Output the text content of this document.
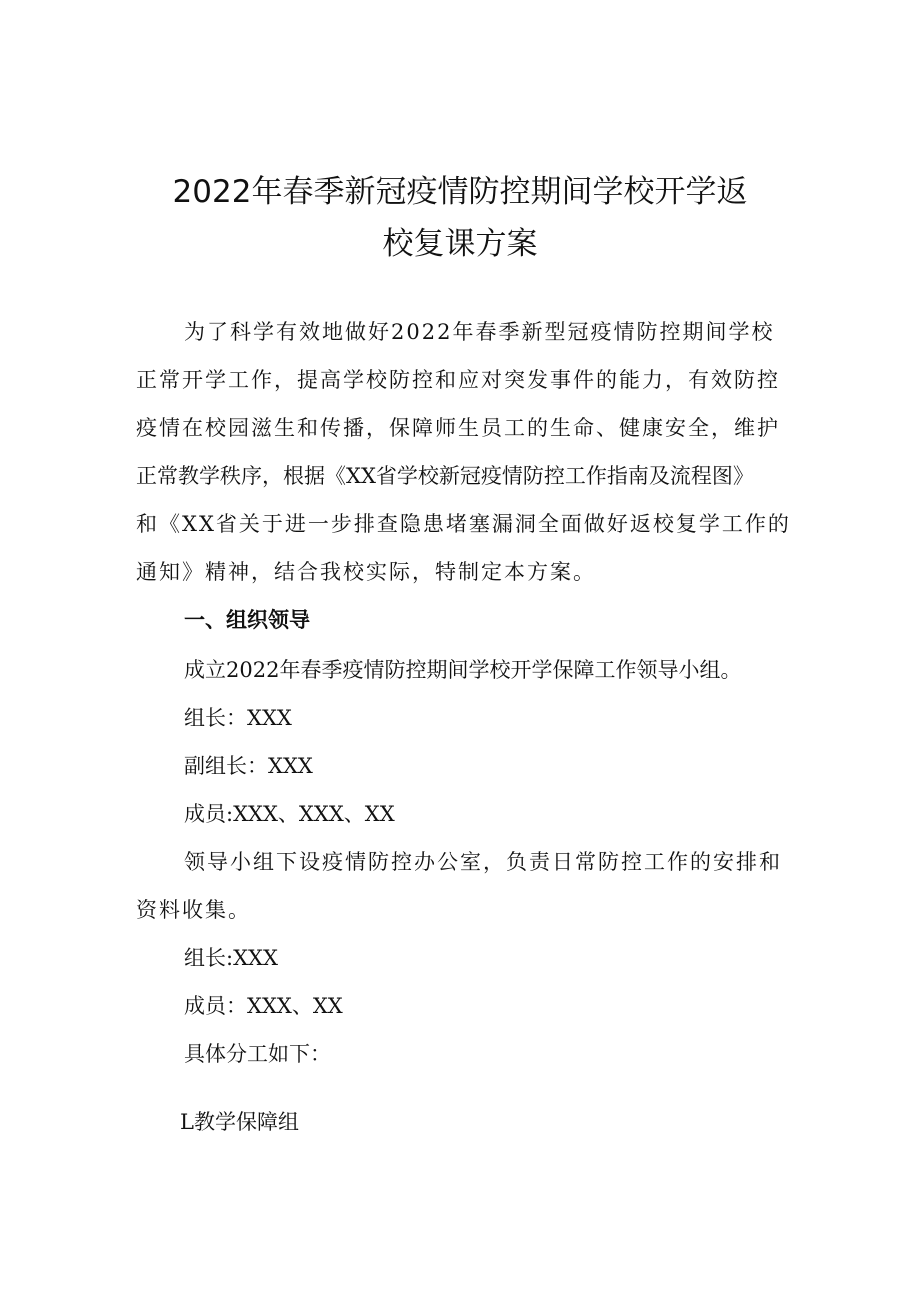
2022年春季新冠疫情防控期间学校开学返
校复课方案
为了科学有效地做好2022年春季新型冠疫情防控期间学校
正常开学工作，提高学校防控和应对突发事件的能力，有效防控
疫情在校园滋生和传播，保障师生员工的生命、健康安全，维护
正常教学秩序，根据《XX省学校新冠疫情防控工作指南及流程图》
和《XX省关于进一步排查隐患堵塞漏洞全面做好返校复学工作的
通知》精神，结合我校实际，特制定本方案。
一、组织领导
成立2022年春季疫情防控期间学校开学保障工作领导小组。
组长：XXX
副组长：XXX
成员:XXX、XXX、XX
领导小组下设疫情防控办公室，负责日常防控工作的安排和
资料收集。
组长:XXX
成员：XXX、XX
具体分工如下：
L教学保障组
